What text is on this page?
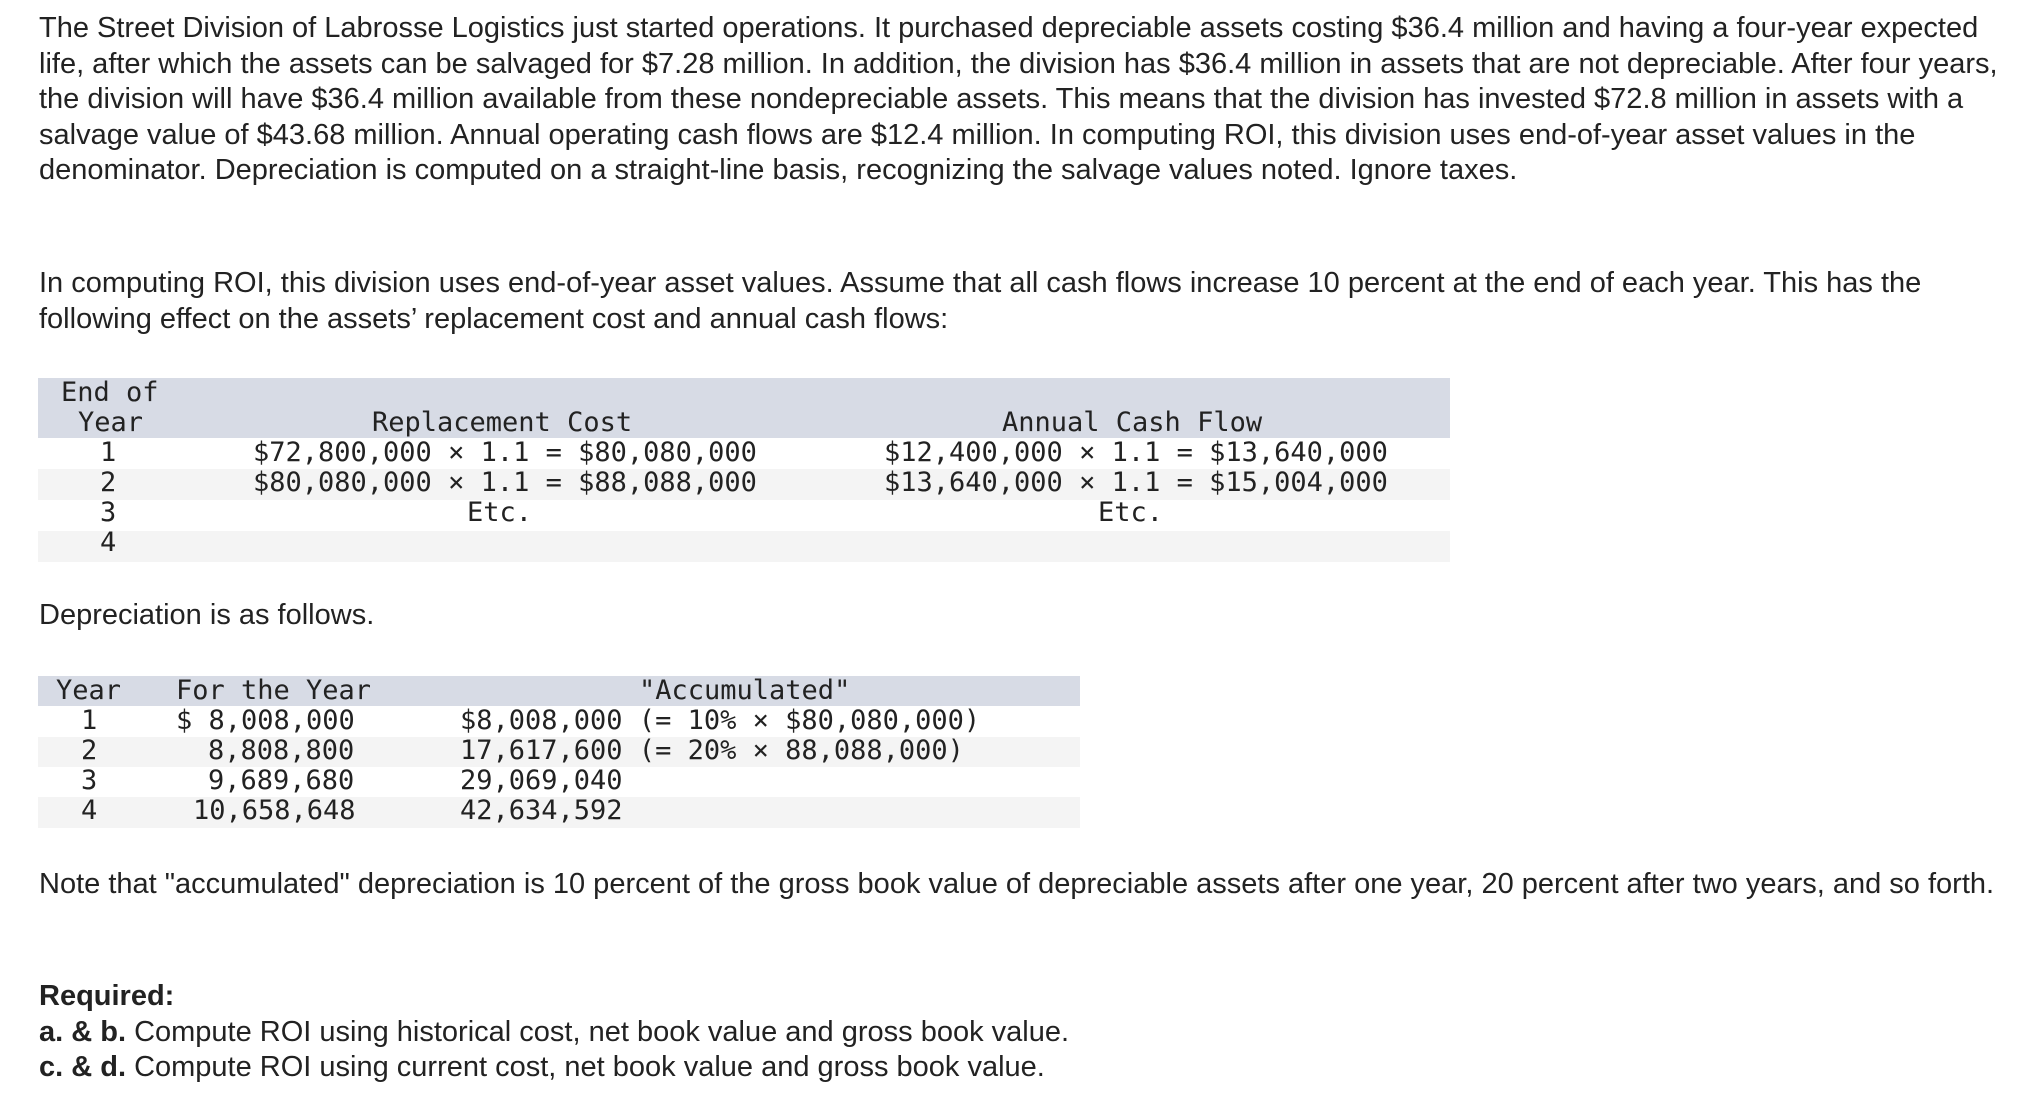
The Street Division of Labrosse Logistics just started operations. It purchased depreciable assets costing $36.4 million and having a four-year expected life, after which the assets can be salvaged for $7.28 million. In addition, the division has $36.4 million in assets that are not depreciable. After four years, the division will have $36.4 million available from these nondepreciable assets. This means that the division has invested $72.8 million in assets with a salvage value of $43.68 million. Annual operating cash flows are $12.4 million. In computing ROI, this division uses end-of-year asset values in the denominator. Depreciation is computed on a straight-line basis, recognizing the salvage values noted. Ignore taxes.

In computing ROI, this division uses end-of-year asset values. Assume that all cash flows increase 10 percent at the end of each year. This has the following effect on the assets’ replacement cost and annual cash flows:

End of
Year	Replacement Cost	Annual Cash Flow
1	$72,800,000 × 1.1 = $80,080,000	$12,400,000 × 1.1 = $13,640,000
2	$80,080,000 × 1.1 = $88,088,000	$13,640,000 × 1.1 = $15,004,000
3	Etc.	Etc.
4

Depreciation is as follows.

Year For the Year	"Accumulated"
1	$ 8,008,000	$8,008,000 (= 10% × $80,080,000)
2	8,808,800	17,617,600 (= 20% × 88,088,000)
3	9,689,680	29,069,040
4	10,658,648	42,634,592

Note that "accumulated" depreciation is 10 percent of the gross book value of depreciable assets after one year, 20 percent after two years, and so forth.

Required:
a. & b. Compute ROI using historical cost, net book value and gross book value.
c. & d. Compute ROI using current cost, net book value and gross book value.
